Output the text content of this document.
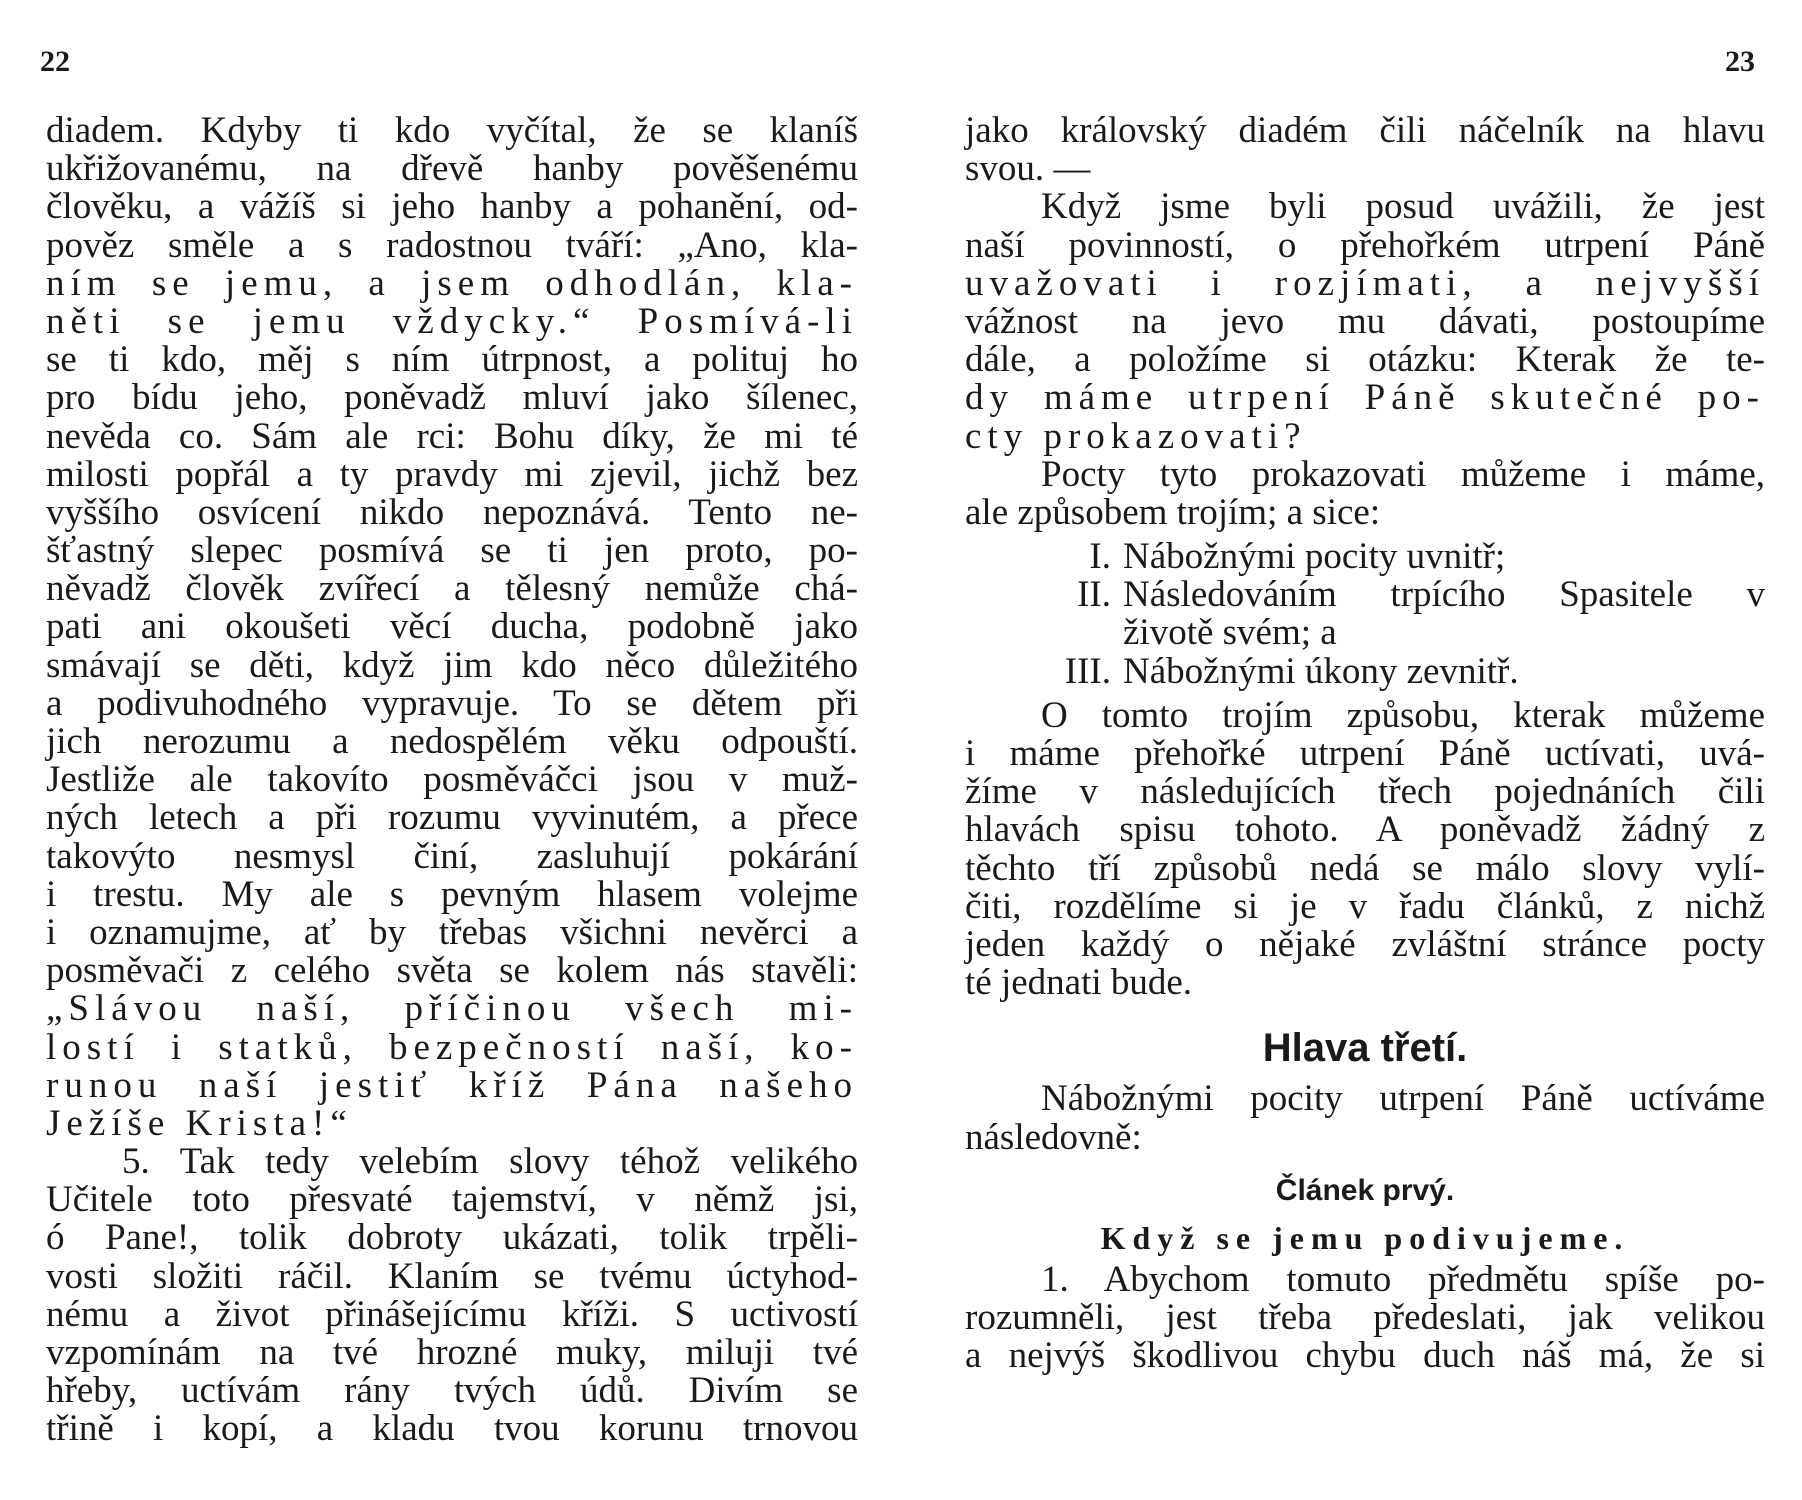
22	23
diadem. Kdyby ti kdo vyčítal, že se klaníš
ukřižovanému, na dřevě hanby pověšenému
člověku, a vážíš si jeho hanby a pohanění, od-
pověz směle a s radostnou tváří: „Ano, kla-
ním se jemu, a jsem odhodlán, kla-
něti se jemu vždycky.“ Posmívá-li
se ti kdo, měj s ním útrpnost, a polituj ho
pro bídu jeho, poněvadž mluví jako šílenec,
nevěda co. Sám ale rci: Bohu díky, že mi té
milosti popřál a ty pravdy mi zjevil, jichž bez
vyššího osvícení nikdo nepoznává. Tento ne-
šťastný slepec posmívá se ti jen proto, po-
něvadž člověk zvířecí a tělesný nemůže chá-
pati ani okoušeti věcí ducha, podobně jako
smávají se děti, když jim kdo něco důležitého
a podivuhodného vypravuje. To se dětem při
jich nerozumu a nedospělém věku odpouští.
Jestliže ale takovíto posměváčci jsou v muž-
ných letech a při rozumu vyvinutém, a přece
takovýto nesmysl činí, zasluhují pokárání
i trestu. My ale s pevným hlasem volejme
i oznamujme, ať by třebas všichni nevěrci a
posměvači z celého světa se kolem nás stavěli:
„Slávou naší, příčinou všech mi-
lostí i statků, bezpečností naší, ko-
runou naší jestiť kříž Pána našeho
Ježíše Krista!“
5. Tak tedy velebím slovy téhož velikého
Učitele toto přesvaté tajemství, v němž jsi,
ó Pane!, tolik dobroty ukázati, tolik trpěli-
vosti složiti ráčil. Klaním se tvému úctyhod-
nému a život přinášejícímu kříži. S uctivostí
vzpomínám na tvé hrozné muky, miluji tvé
hřeby, uctívám rány tvých údů. Divím se
třině i kopí, a kladu tvou korunu trnovou
jako královský diadém čili náčelník na hlavu
svou. —
Když jsme byli posud uvážili, že jest
naší povinností, o přehořkém utrpení Páně
uvažovati i rozjímati, a nejvyšší
vážnost na jevo mu dávati, postoupíme
dále, a položíme si otázku: Kterak že te-
dy máme utrpení Páně skutečné po-
cty prokazovati?
Pocty tyto prokazovati můžeme i máme,
ale způsobem trojím; a sice:
I. Nábožnými pocity uvnitř;
II. Následováním trpícího Spasitele v
životě svém; a
III. Nábožnými úkony zevnitř.
O tomto trojím způsobu, kterak můžeme
i máme přehořké utrpení Páně uctívati, uvá-
žíme v následujících třech pojednáních čili
hlavách spisu tohoto. A poněvadž žádný z
těchto tří způsobů nedá se málo slovy vylí-
čiti, rozdělíme si je v řadu článků, z nichž
jeden každý o nějaké zvláštní stránce pocty
té jednati bude.
Hlava třetí.
Nábožnými pocity utrpení Páně uctíváme
následovně:
Článek prvý.
Když se jemu podivujeme.
1. Abychom tomuto předmětu spíše po-
rozumněli, jest třeba předeslati, jak velikou
a nejvýš škodlivou chybu duch náš má, že si
